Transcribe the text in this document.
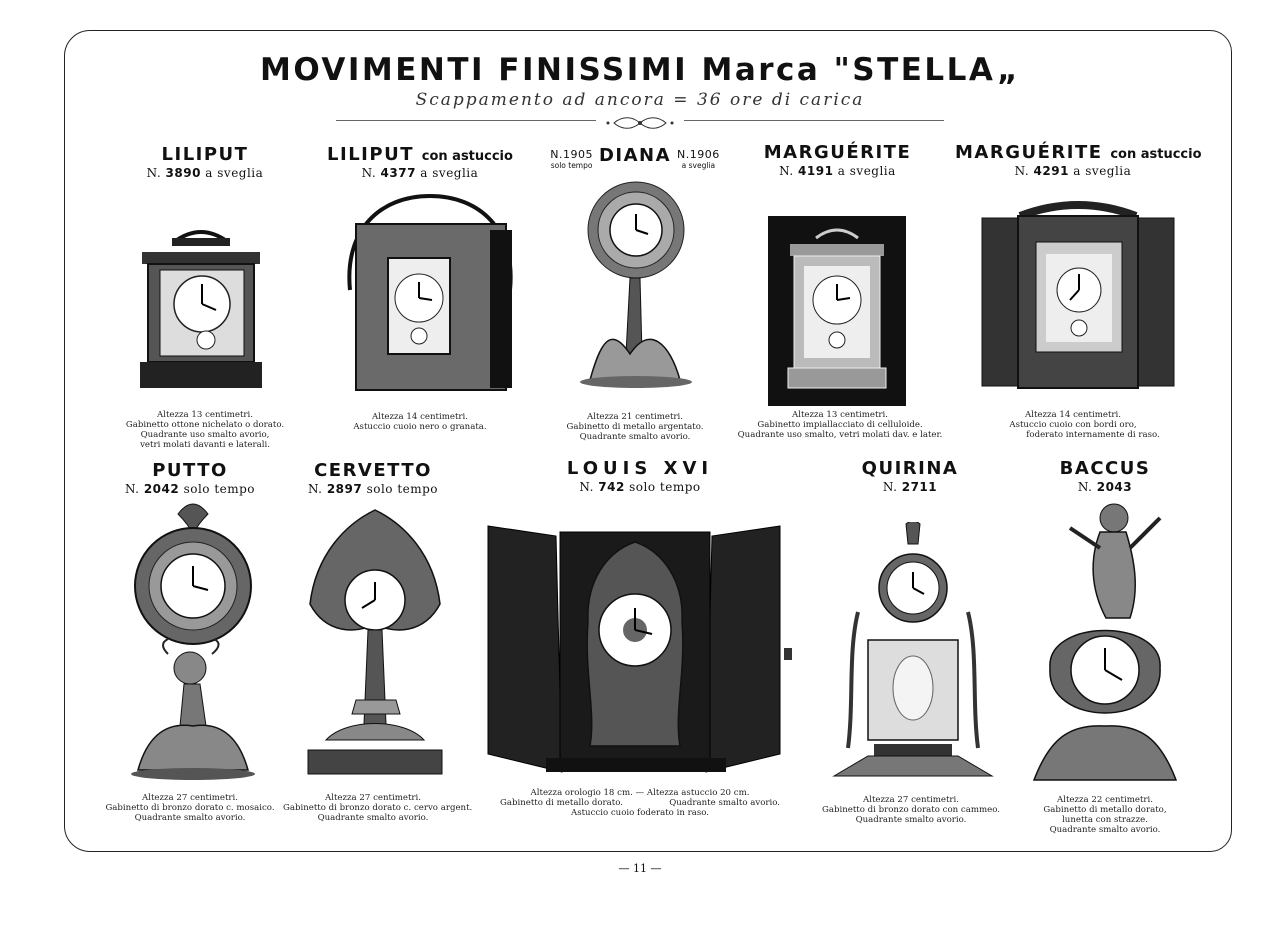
MOVIMENTI FINISSIMI Marca "STELLA„
Scappamento ad ancora = 36 ore di carica
LILIPUT
N. 3890 a sveglia
Altezza 13 centimetri.
Gabinetto ottone nichelato o dorato.
Quadrante uso smalto avorio,
vetri molati davanti e laterali.
LILIPUT con astuccio
N. 4377 a sveglia
Altezza 14 centimetri.
Astuccio cuoio nero o granata.
N.1905
solo tempo DIANA N.1906
a sveglia
Altezza 21 centimetri.
Gabinetto di metallo argentato.
Quadrante smalto avorio.
MARGUÉRITE
N. 4191 a sveglia
Altezza 13 centimetri.
Gabinetto impiallacciato di celluloide.
Quadrante uso smalto, vetri molati dav. e later.
MARGUÉRITE con astuccio
N. 4291 a sveglia
Altezza 14 centimetri.
Astuccio cuoio con bordi oro,
foderato internamente di raso.
PUTTO
N. 2042 solo tempo
Altezza 27 centimetri.
Gabinetto di bronzo dorato c. mosaico.
Quadrante smalto avorio.
CERVETTO
N. 2897 solo tempo
Altezza 27 centimetri.
Gabinetto di bronzo dorato c. cervo argent.
Quadrante smalto avorio.
LOUIS XVI
N. 742 solo tempo
Altezza orologio 18 cm. — Altezza astuccio 20 cm.
Gabinetto di metallo dorato.	Quadrante smalto avorio.
Astuccio cuoio foderato in raso.
QUIRINA
N. 2711
Altezza 27 centimetri.
Gabinetto di bronzo dorato con cammeo.
Quadrante smalto avorio.
BACCUS
N. 2043
Altezza 22 centimetri.
Gabinetto di metallo dorato,
lunetta con strazze.
Quadrante smalto avorio.
— 11 —
